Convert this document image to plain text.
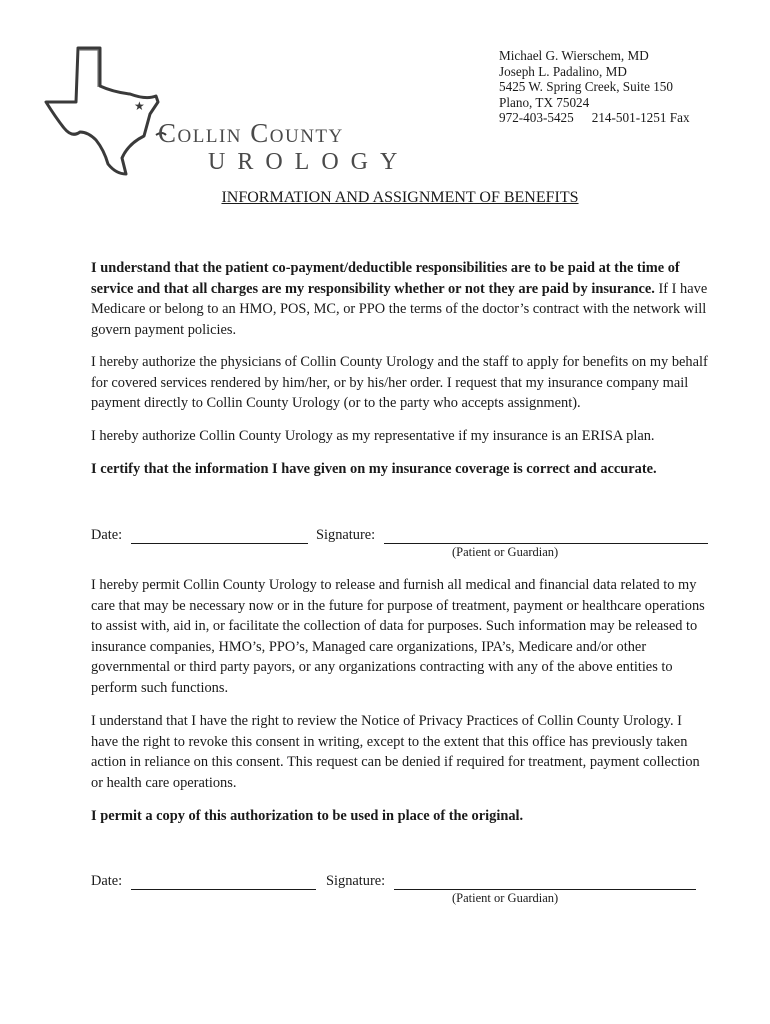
★
Collin County
UROLOGY
Michael G. Wierschem, MD
Joseph L. Padalino, MD
5425 W. Spring Creek, Suite 150
Plano, TX 75024
972-403-5425 214-501-1251 Fax
INFORMATION AND ASSIGNMENT OF BENEFITS
I understand that the patient co-payment/deductible responsibilities are to be paid at the time of service and that all charges are my responsibility whether or not they are paid by insurance. If I have Medicare or belong to an HMO, POS, MC, or PPO the terms of the doctor’s contract with the network will govern payment policies.
I hereby authorize the physicians of Collin County Urology and the staff to apply for benefits on my behalf for covered services rendered by him/her, or by his/her order. I request that my insurance company mail payment directly to Collin County Urology (or to the party who accepts assignment).
I hereby authorize Collin County Urology as my representative if my insurance is an ERISA plan.
I certify that the information I have given on my insurance coverage is correct and accurate.
Date:	Signature:
(Patient or Guardian)
I hereby permit Collin County Urology to release and furnish all medical and financial data related to my care that may be necessary now or in the future for purpose of treatment, payment or healthcare operations to assist with, aid in, or facilitate the collection of data for purposes. Such information may be released to insurance companies, HMO’s, PPO’s, Managed care organizations, IPA’s, Medicare and/or other governmental or third party payors, or any organizations contracting with any of the above entities to perform such functions.
I understand that I have the right to review the Notice of Privacy Practices of Collin County Urology. I have the right to revoke this consent in writing, except to the extent that this office has previously taken action in reliance on this consent. This request can be denied if required for treatment, payment collection or health care operations.
I permit a copy of this authorization to be used in place of the original.
Date:	Signature:
(Patient or Guardian)
